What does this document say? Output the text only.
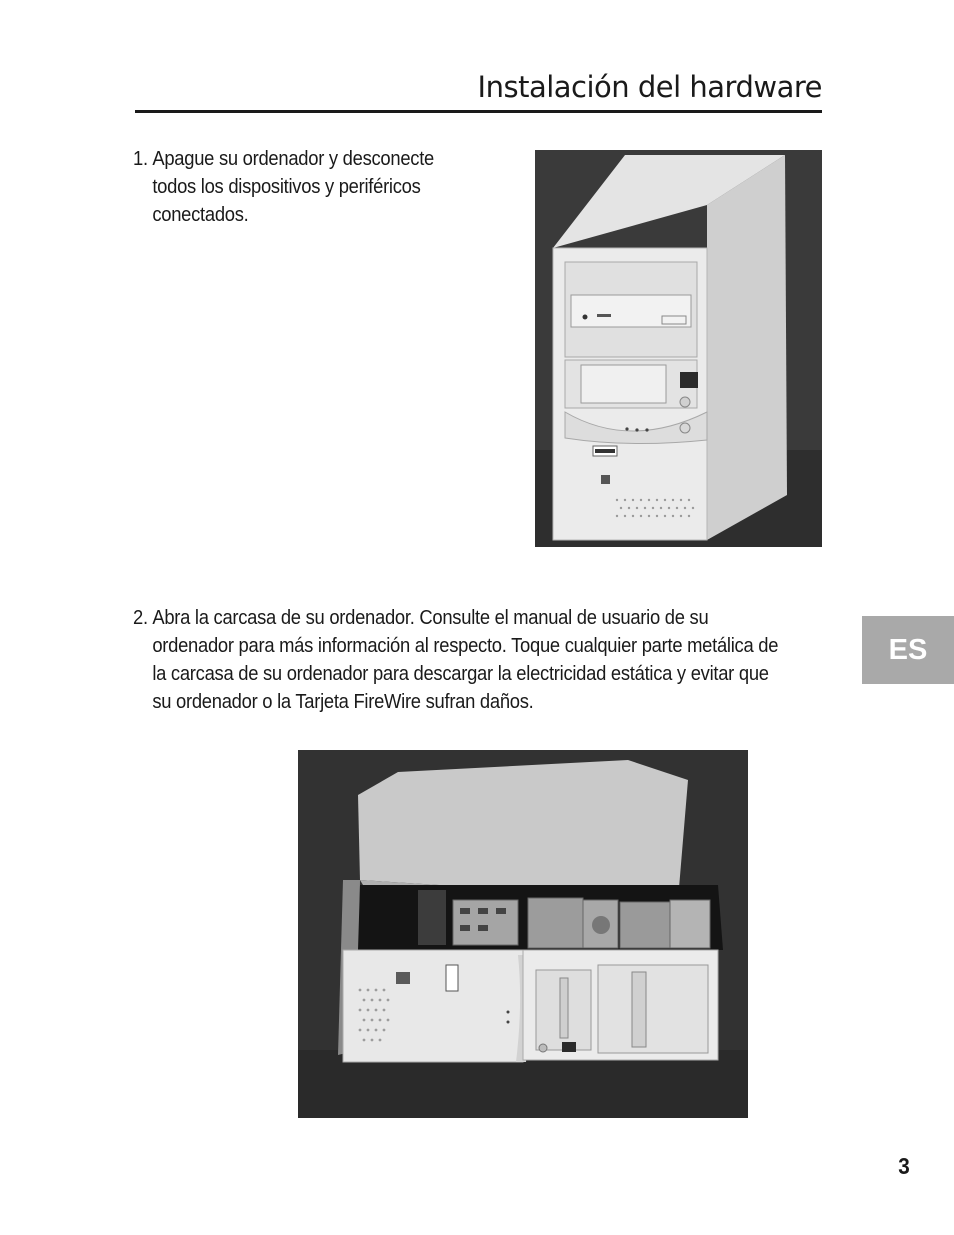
Instalación del hardware
1. Apague su ordenador y desconecte todos los dispositivos y periféricos conectados.
2. Abra la carcasa de su ordenador. Consulte el manual de usuario de su ordenador para más información al respecto. Toque cualquier parte metálica de la carcasa de su ordenador para descargar la electricidad estática y evitar que su ordenador o la Tarjeta FireWire sufran daños.
ES
3
